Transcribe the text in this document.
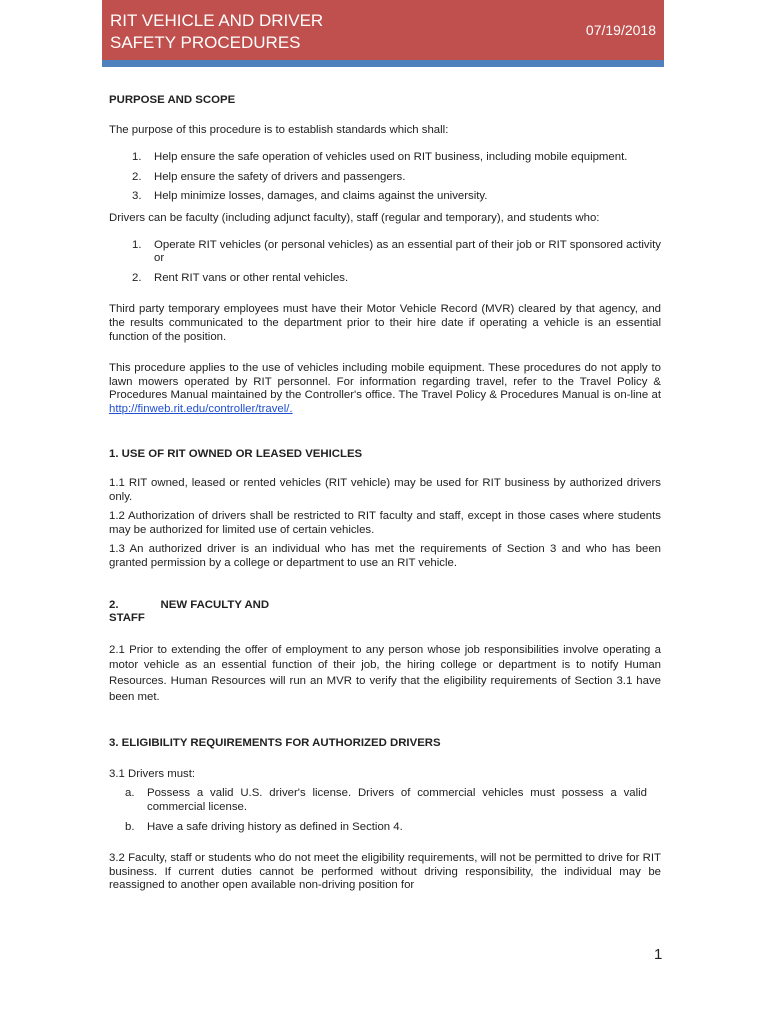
RIT VEHICLE AND DRIVER
SAFETY PROCEDURES
07/19/2018
PURPOSE AND SCOPE

The purpose of this procedure is to establish standards which shall:

1.	Help ensure the safe operation of vehicles used on RIT business, including mobile equipment.

2.	Help ensure the safety of drivers and passengers.

3.	Help minimize losses, damages, and claims against the university.

Drivers can be faculty (including adjunct faculty), staff (regular and temporary), and students who:

1.	Operate RIT vehicles (or personal vehicles) as an essential part of their job or RIT sponsored activity or

2.	Rent RIT vans or other rental vehicles.

Third party temporary employees must have their Motor Vehicle Record (MVR) cleared by that agency, and the results communicated to the department prior to their hire date if operating a vehicle is an essential function of the position.

This procedure applies to the use of vehicles including mobile equipment. These procedures do not apply to lawn mowers operated by RIT personnel. For information regarding travel, refer to the Travel Policy & Procedures Manual maintained by the Controller's office. The Travel Policy & Procedures Manual is on-line at http://finweb.rit.edu/controller/travel/.

1. USE OF RIT OWNED OR LEASED VEHICLES

1.1 RIT owned, leased or rented vehicles (RIT vehicle) may be used for RIT business by authorized drivers only.

1.2 Authorization of drivers shall be restricted to RIT faculty and staff, except in those cases where students may be authorized for limited use of certain vehicles.

1.3 An authorized driver is an individual who has met the requirements of Section 3 and who has been granted permission by a college or department to use an RIT vehicle.

2.	NEW FACULTY AND
STAFF

2.1 Prior to extending the offer of employment to any person whose job responsibilities involve operating a motor vehicle as an essential function of their job, the hiring college or department is to notify Human Resources. Human Resources will run an MVR to verify that the eligibility requirements of Section 3.1 have been met.

3. ELIGIBILITY REQUIREMENTS FOR AUTHORIZED DRIVERS

3.1 Drivers must:

a.	Possess a valid U.S. driver's license. Drivers of commercial vehicles must possess a valid commercial license.

b.	Have a safe driving history as defined in Section 4.

3.2 Faculty, staff or students who do not meet the eligibility requirements, will not be permitted to drive for RIT business. If current duties cannot be performed without driving responsibility, the individual may be reassigned to another open available non-driving position for

1
